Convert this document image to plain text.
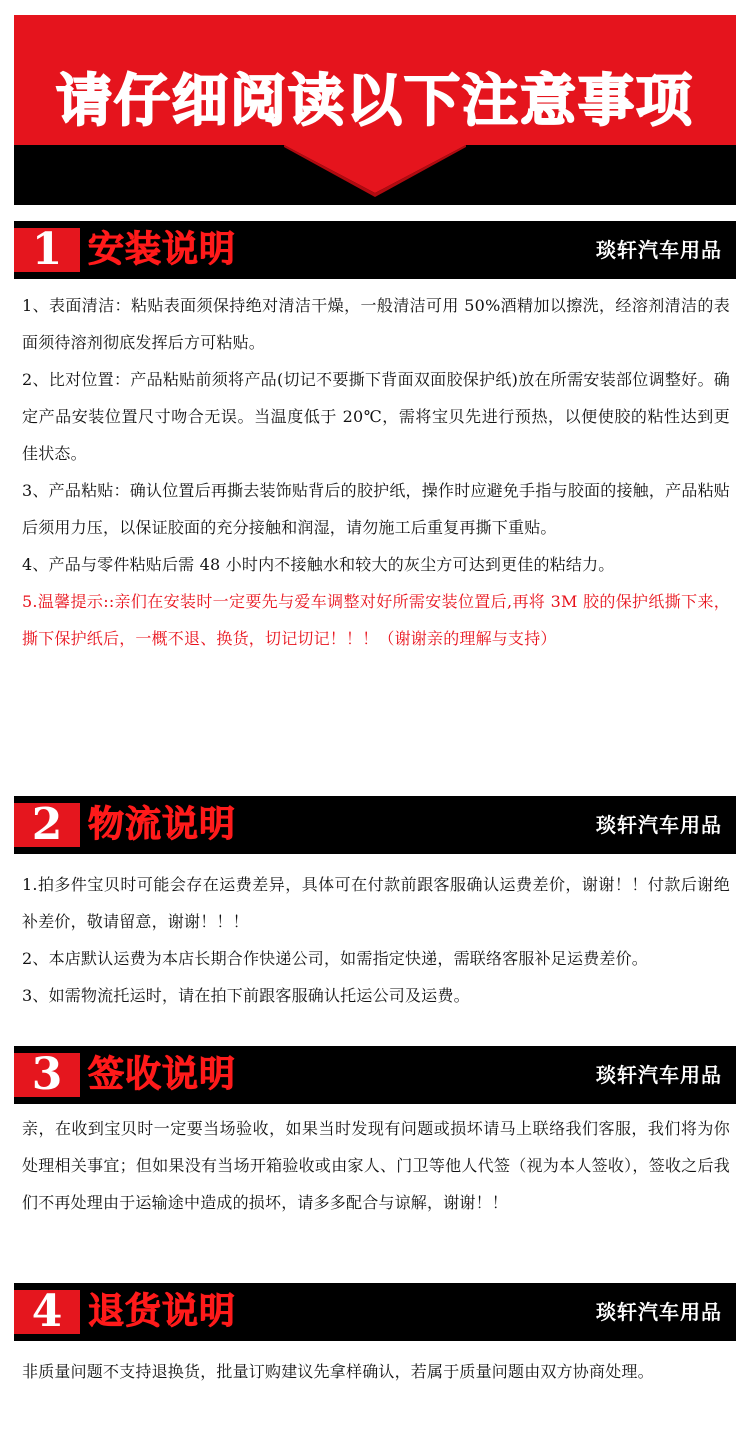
请仔细阅读以下注意事项
1 安装说明	琰轩汽车用品

1、表面清洁：粘贴表面须保持绝对清洁干燥，一般清洁可用 50%酒精加以擦洗，经溶剂清洁的表面须待溶剂彻底发挥后方可粘贴。

2、比对位置：产品粘贴前须将产品(切记不要撕下背面双面胶保护纸)放在所需安装部位调整好。确定产品安装位置尺寸吻合无误。当温度低于 20℃，需将宝贝先进行预热，以便使胶的粘性达到更佳状态。

3、产品粘贴：确认位置后再撕去装饰贴背后的胶护纸，操作时应避免手指与胶面的接触，产品粘贴后须用力压，以保证胶面的充分接触和润湿，请勿施工后重复再撕下重贴。

4、产品与零件粘贴后需 48 小时内不接触水和较大的灰尘方可达到更佳的粘结力。

5.温馨提示::亲们在安装时一定要先与爱车调整对好所需安装位置后,再将 3M 胶的保护纸撕下来，撕下保护纸后，一概不退、换货，切记切记！！！（谢谢亲的理解与支持）

2 物流说明	琰轩汽车用品

1.拍多件宝贝时可能会存在运费差异，具体可在付款前跟客服确认运费差价，谢谢！！付款后谢绝补差价，敬请留意，谢谢！！！

2、本店默认运费为本店长期合作快递公司，如需指定快递，需联络客服补足运费差价。

3、如需物流托运时，请在拍下前跟客服确认托运公司及运费。

3 签收说明	琰轩汽车用品

亲，在收到宝贝时一定要当场验收，如果当时发现有问题或损坏请马上联络我们客服，我们将为你处理相关事宜；但如果没有当场开箱验收或由家人、门卫等他人代签（视为本人签收），签收之后我们不再处理由于运输途中造成的损坏，请多多配合与谅解，谢谢！！

4 退货说明	琰轩汽车用品

非质量问题不支持退换货，批量订购建议先拿样确认，若属于质量问题由双方协商处理。
